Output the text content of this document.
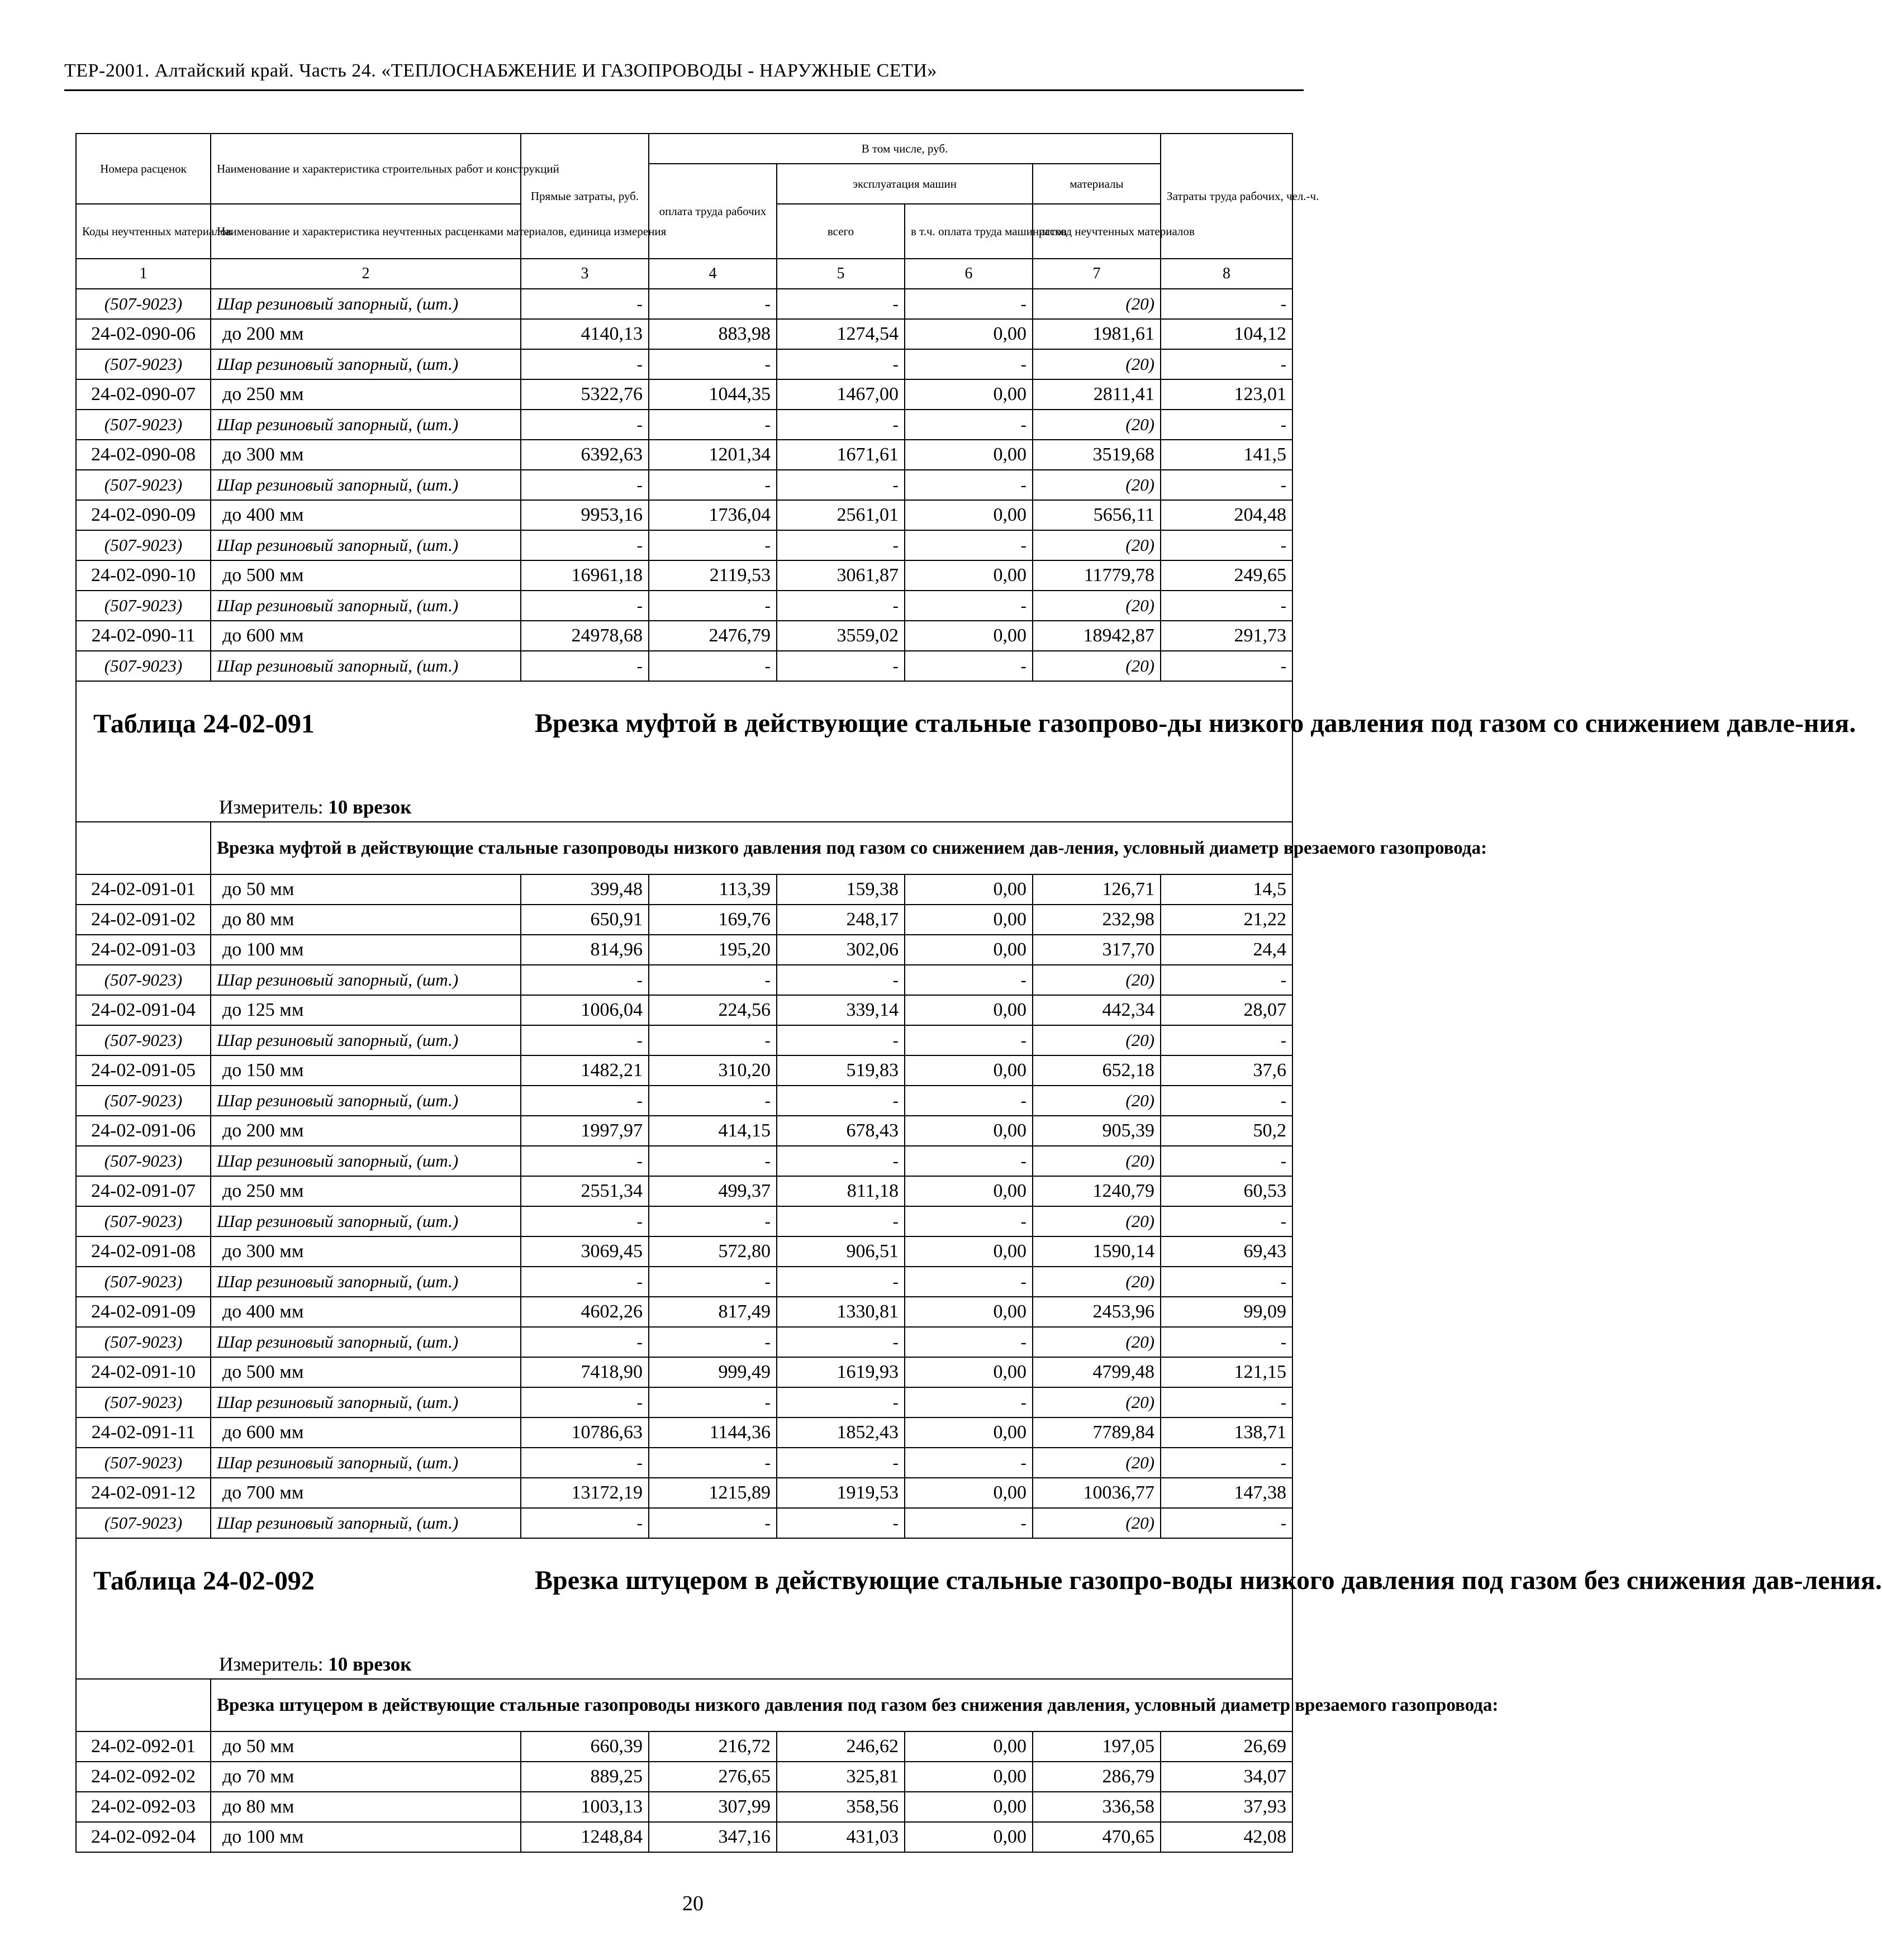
ТЕР-2001. Алтайский край. Часть 24. «ТЕПЛОСНАБЖЕНИЕ И ГАЗОПРОВОДЫ - НАРУЖНЫЕ СЕТИ»
Номера расценок	Наименование и характеристика строительных работ и конструкций	Прямые затраты, руб.	В том числе, руб.				Затраты труда рабочих, чел.-ч.
			оплата труда рабочих	эксплуатация машин		материалы	
Коды неучтенных материалов	Наименование и характеристика неучтенных расценками материалов, единица измерения			всего	в т.ч. оплата труда машинистов	расход неучтенных материалов	

1	2	3	4	5	6	7	8
(507-9023)	Шар резиновый запорный, (шт.)	-	-	-	-	(20)	-
24-02-090-06	до 200 мм	4140,13	883,98	1274,54	0,00	1981,61	104,12
(507-9023)	Шар резиновый запорный, (шт.)	-	-	-	-	(20)	-
24-02-090-07	до 250 мм	5322,76	1044,35	1467,00	0,00	2811,41	123,01
(507-9023)	Шар резиновый запорный, (шт.)	-	-	-	-	(20)	-
24-02-090-08	до 300 мм	6392,63	1201,34	1671,61	0,00	3519,68	141,5
(507-9023)	Шар резиновый запорный, (шт.)	-	-	-	-	(20)	-
24-02-090-09	до 400 мм	9953,16	1736,04	2561,01	0,00	5656,11	204,48
(507-9023)	Шар резиновый запорный, (шт.)	-	-	-	-	(20)	-
24-02-090-10	до 500 мм	16961,18	2119,53	3061,87	0,00	11779,78	249,65
(507-9023)	Шар резиновый запорный, (шт.)	-	-	-	-	(20)	-
24-02-090-11	до 600 мм	24978,68	2476,79	3559,02	0,00	18942,87	291,73
(507-9023)	Шар резиновый запорный, (шт.)	-	-	-	-	(20)	-

Таблица 24-02-091 Врезка муфтой в действующие стальные газопрово-ды низкого давления под газом со снижением давле-ния.
Измеритель: 10 врезок							

	Врезка муфтой в действующие стальные газопроводы низкого давления под газом со снижением дав-ления, условный диаметр врезаемого газопровода:						
24-02-091-01	до 50 мм	399,48	113,39	159,38	0,00	126,71	14,5
24-02-091-02	до 80 мм	650,91	169,76	248,17	0,00	232,98	21,22
24-02-091-03	до 100 мм	814,96	195,20	302,06	0,00	317,70	24,4
(507-9023)	Шар резиновый запорный, (шт.)	-	-	-	-	(20)	-
24-02-091-04	до 125 мм	1006,04	224,56	339,14	0,00	442,34	28,07
(507-9023)	Шар резиновый запорный, (шт.)	-	-	-	-	(20)	-
24-02-091-05	до 150 мм	1482,21	310,20	519,83	0,00	652,18	37,6
(507-9023)	Шар резиновый запорный, (шт.)	-	-	-	-	(20)	-
24-02-091-06	до 200 мм	1997,97	414,15	678,43	0,00	905,39	50,2
(507-9023)	Шар резиновый запорный, (шт.)	-	-	-	-	(20)	-
24-02-091-07	до 250 мм	2551,34	499,37	811,18	0,00	1240,79	60,53
(507-9023)	Шар резиновый запорный, (шт.)	-	-	-	-	(20)	-
24-02-091-08	до 300 мм	3069,45	572,80	906,51	0,00	1590,14	69,43
(507-9023)	Шар резиновый запорный, (шт.)	-	-	-	-	(20)	-
24-02-091-09	до 400 мм	4602,26	817,49	1330,81	0,00	2453,96	99,09
(507-9023)	Шар резиновый запорный, (шт.)	-	-	-	-	(20)	-
24-02-091-10	до 500 мм	7418,90	999,49	1619,93	0,00	4799,48	121,15
(507-9023)	Шар резиновый запорный, (шт.)	-	-	-	-	(20)	-
24-02-091-11	до 600 мм	10786,63	1144,36	1852,43	0,00	7789,84	138,71
(507-9023)	Шар резиновый запорный, (шт.)	-	-	-	-	(20)	-
24-02-091-12	до 700 мм	13172,19	1215,89	1919,53	0,00	10036,77	147,38
(507-9023)	Шар резиновый запорный, (шт.)	-	-	-	-	(20)	-

Таблица 24-02-092 Врезка штуцером в действующие стальные газопро-воды низкого давления под газом без снижения дав-ления.
Измеритель: 10 врезок							

	Врезка штуцером в действующие стальные газопроводы низкого давления под газом без снижения давления, условный диаметр врезаемого газопровода:						
24-02-092-01	до 50 мм	660,39	216,72	246,62	0,00	197,05	26,69
24-02-092-02	до 70 мм	889,25	276,65	325,81	0,00	286,79	34,07
24-02-092-03	до 80 мм	1003,13	307,99	358,56	0,00	336,58	37,93
24-02-092-04	до 100 мм	1248,84	347,16	431,03	0,00	470,65	42,08
20
